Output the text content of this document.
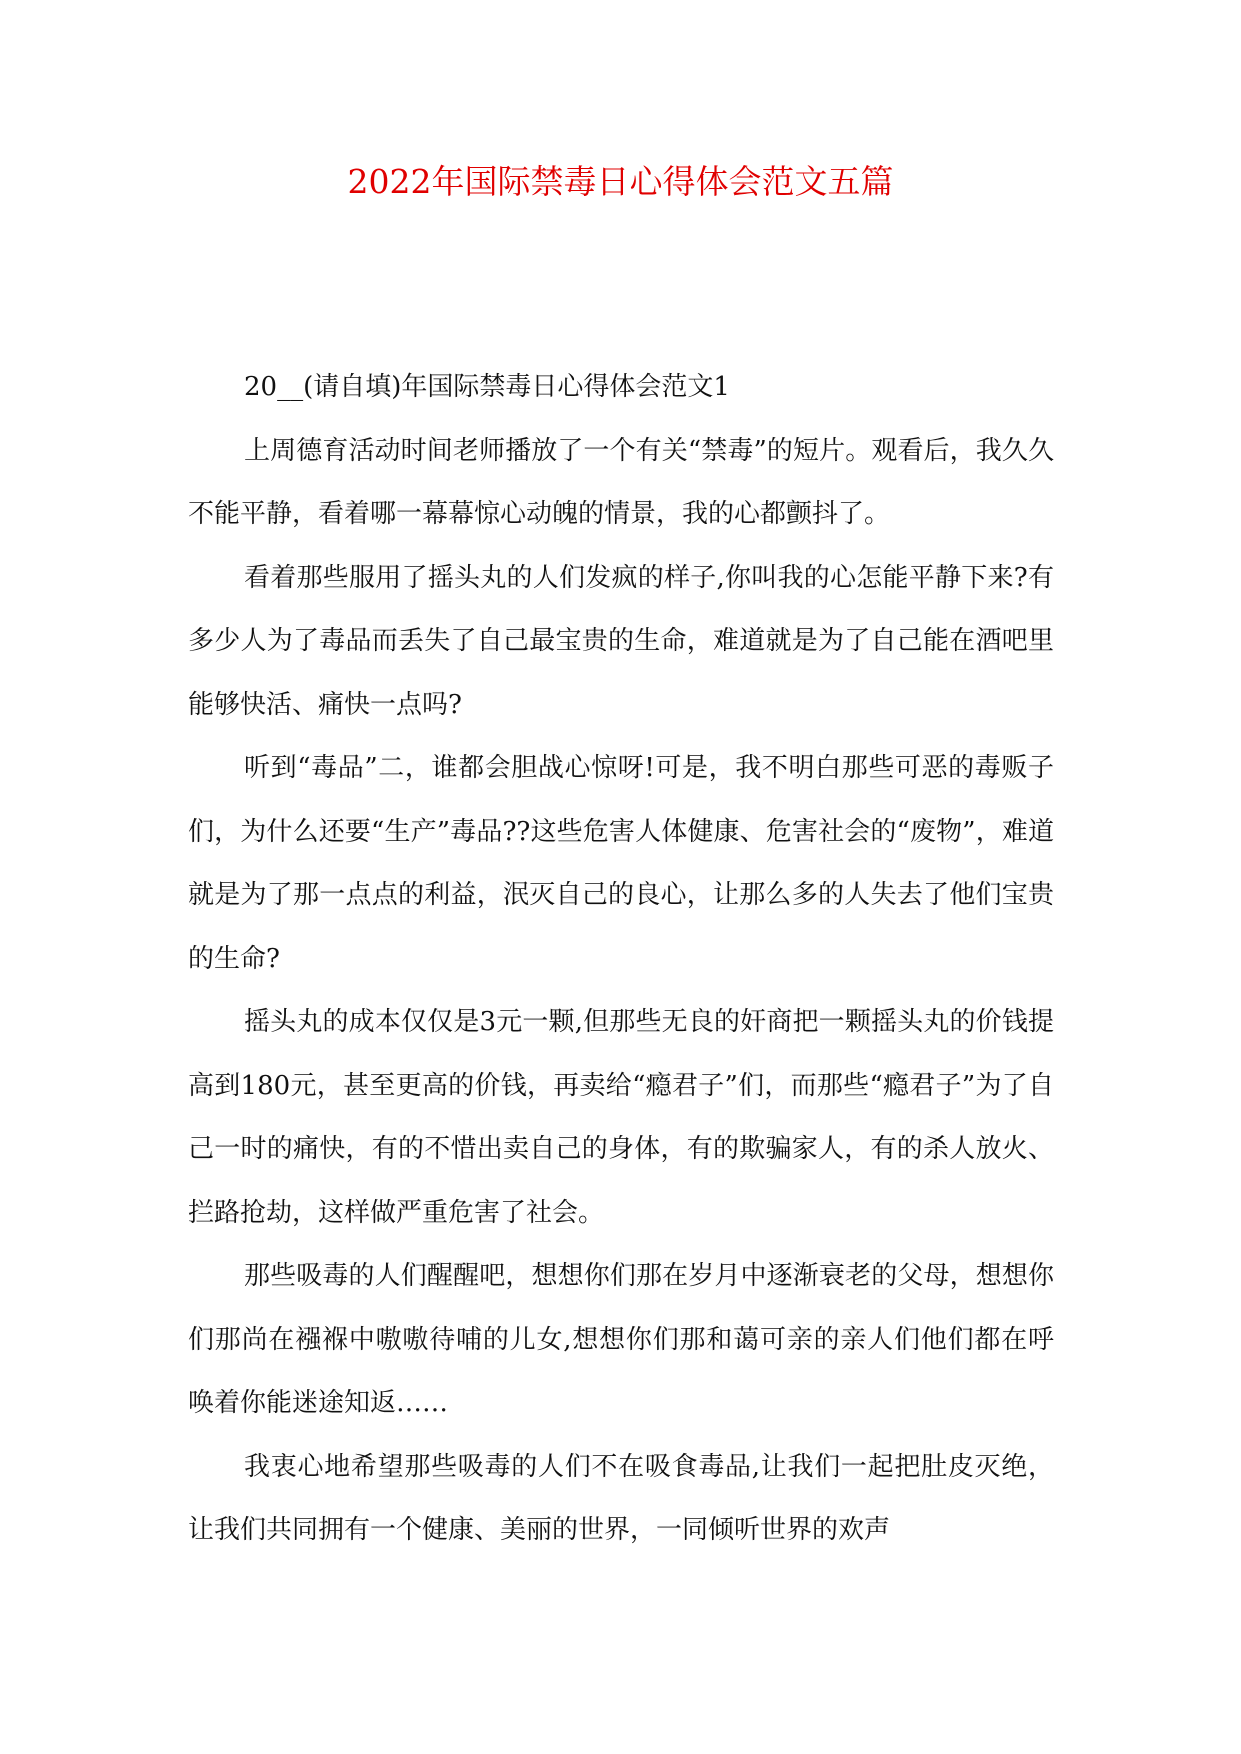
2022年国际禁毒日心得体会范文五篇

20__(请自填)年国际禁毒日心得体会范文1

上周德育活动时间老师播放了一个有关“禁毒”的短片。观看后，我久久不能平静，看着哪一幕幕惊心动魄的情景，我的心都颤抖了。

看着那些服用了摇头丸的人们发疯的样子,你叫我的心怎能平静下来?有多少人为了毒品而丢失了自己最宝贵的生命，难道就是为了自己能在酒吧里能够快活、痛快一点吗?

听到“毒品”二，谁都会胆战心惊呀!可是，我不明白那些可恶的毒贩子们，为什么还要“生产”毒品??这些危害人体健康、危害社会的“废物”，难道就是为了那一点点的利益，泯灭自己的良心，让那么多的人失去了他们宝贵的生命?

摇头丸的成本仅仅是3元一颗,但那些无良的奸商把一颗摇头丸的价钱提高到180元，甚至更高的价钱，再卖给“瘾君子”们，而那些“瘾君子”为了自己一时的痛快，有的不惜出卖自己的身体，有的欺骗家人，有的杀人放火、拦路抢劫，这样做严重危害了社会。

那些吸毒的人们醒醒吧，想想你们那在岁月中逐渐衰老的父母，想想你们那尚在襁褓中嗷嗷待哺的儿女,想想你们那和蔼可亲的亲人们他们都在呼唤着你能迷途知返……

我衷心地希望那些吸毒的人们不在吸食毒品,让我们一起把肚皮灭绝，让我们共同拥有一个健康、美丽的世界，一同倾听世界的欢声
